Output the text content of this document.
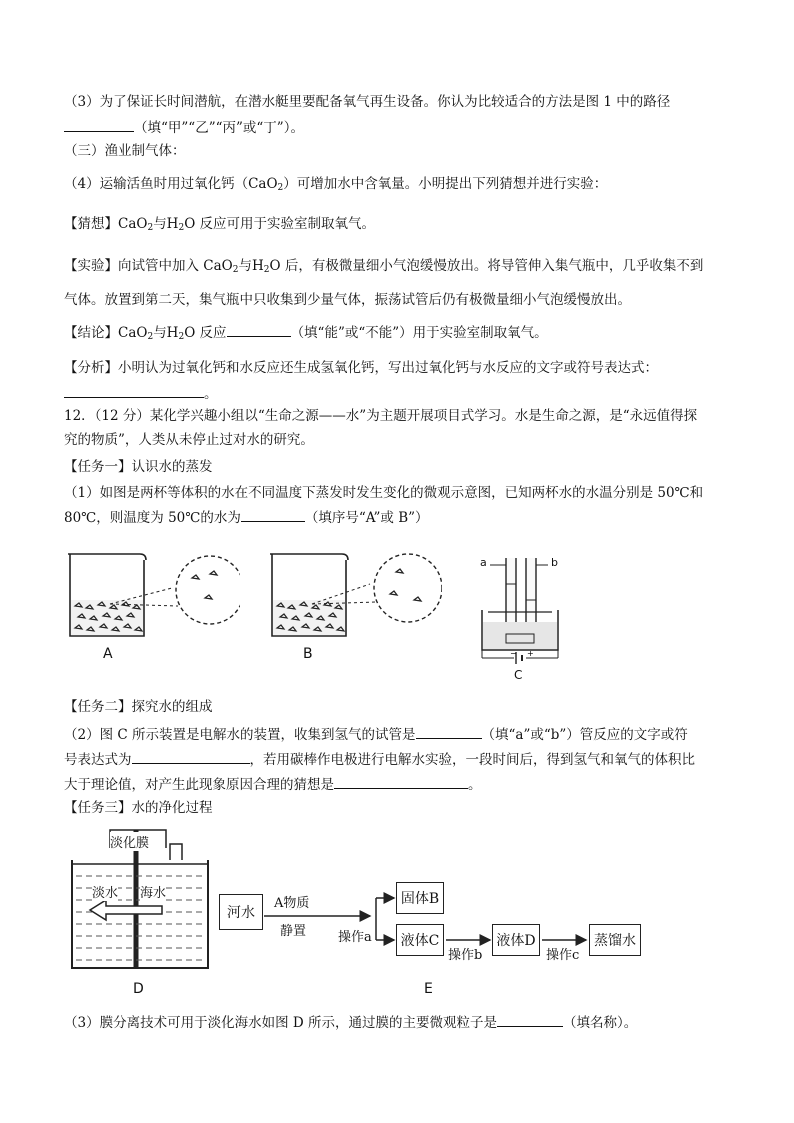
（3）为了保证长时间潜航，在潜水艇里要配备氧气再生设备。你认为比较适合的方法是图 1 中的路径
（填“甲”“乙”“丙”或“丁”）。
（三）渔业制气体：
（4）运输活鱼时用过氧化钙（CaO$_2$）可增加水中含氧量。小明提出下列猜想并进行实验：
【猜想】CaO$_2$与$H_2O$ 反应可用于实验室制取氧气。
【实验】向试管中加入 CaO$_2$与$H_2O$ 后，有极微量细小气泡缓慢放出。将导管伸入集气瓶中，几乎收集不到
气体。放置到第二天，集气瓶中只收集到少量气体，振荡试管后仍有极微量细小气泡缓慢放出。
【结论】CaO$_2$与$H_2O$ 反应	（填“能”或“不能”）用于实验室制取氧气。
【分析】小明认为过氧化钙和水反应还生成氢氧化钙，写出过氧化钙与水反应的文字或符号表达式：
。
12．（12 分）某化学兴趣小组以“生命之源——水”为主题开展项目式学习。水是生命之源，是“永远值得探
究的物质”，人类从未停止过对水的研究。
【任务一】认识水的蒸发
（1）如图是两杯等体积的水在不同温度下蒸发时发生变化的微观示意图，已知两杯水的水温分别是 50℃和
80℃，则温度为 50℃的水为	（填序号“A”或 B”）
A	B	− +
a	b
C
【任务二】探究水的组成
（2）图 C 所示装置是电解水的装置，收集到氢气的试管是	（填“a”或“b”）管反应的文字或符
号表达式为	，若用碳棒作电极进行电解水实验，一段时间后，得到氢气和氧气的体积比
大于理论值，对产生此现象原因合理的猜想是	。
【任务三】水的净化过程
淡化膜
淡水 海水
D
河水
A物质
静置 操作a
固体B
液体C
操作b
液体D
操作c
蒸馏水
E
（3）膜分离技术可用于淡化海水如图 D 所示，通过膜的主要微观粒子是	（填名称）。
